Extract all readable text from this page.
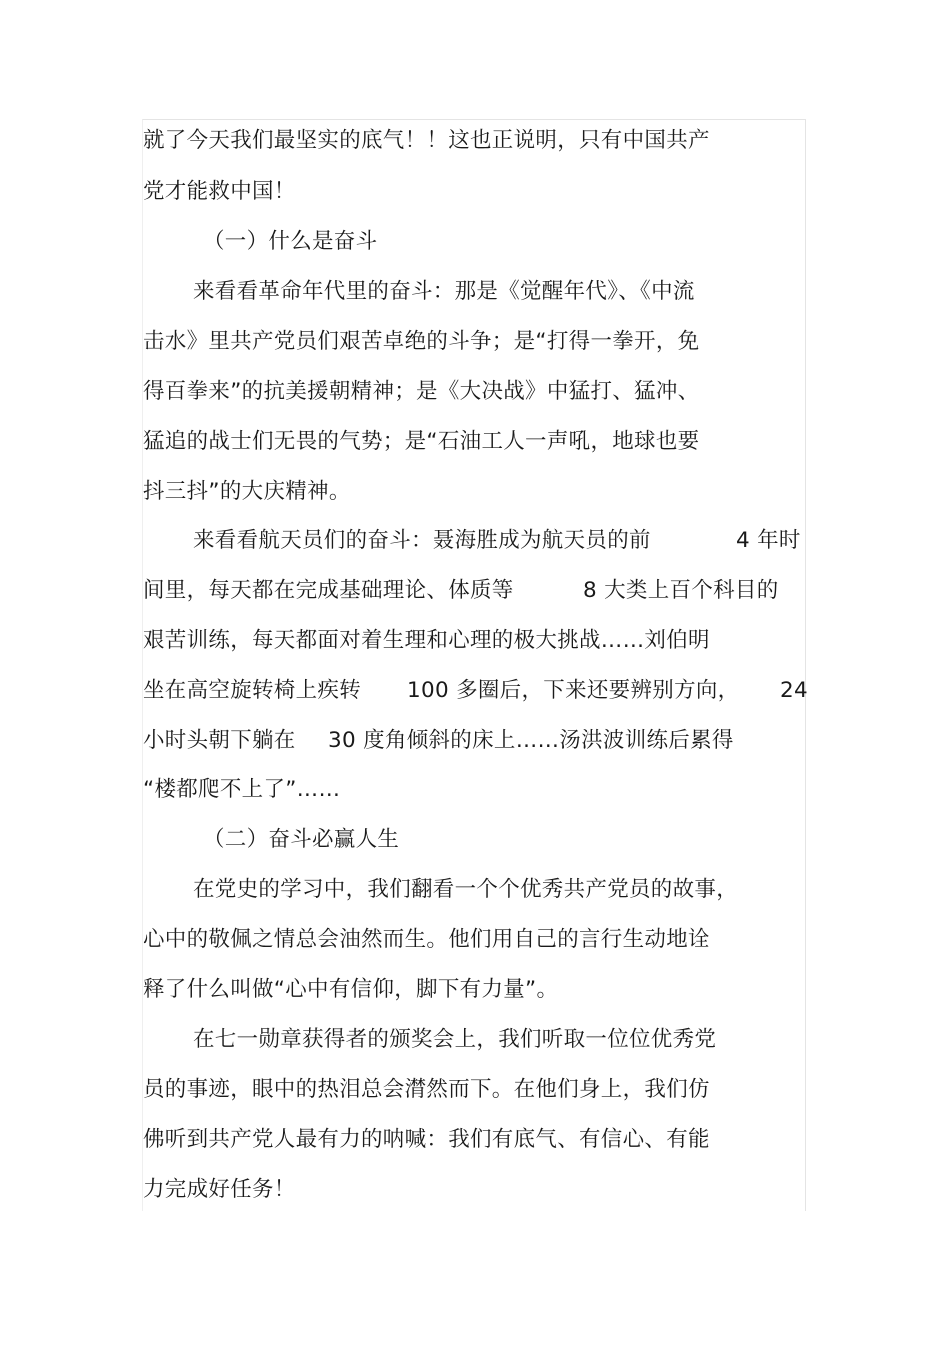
就了今天我们最坚实的底气！！这也正说明，只有中国共产
党才能救中国！
（一）什么是奋斗
来看看革命年代里的奋斗：那是《觉醒年代》、《中流
击水》里共产党员们艰苦卓绝的斗争；是“打得一拳开，免
得百拳来”的抗美援朝精神；是《大决战》中猛打、猛冲、
猛追的战士们无畏的气势；是“石油工人一声吼，地球也要
抖三抖”的大庆精神。
来看看航天员们的奋斗：聂海胜成为航天员的前	4 年时
间里，每天都在完成基础理论、体质等	8 大类上百个科目的
艰苦训练，每天都面对着生理和心理的极大挑战……刘伯明
坐在高空旋转椅上疾转 100 多圈后，下来还要辨别方向， 24
小时头朝下躺在 30 度角倾斜的床上……汤洪波训练后累得
“楼都爬不上了”……
（二）奋斗必赢人生
在党史的学习中，我们翻看一个个优秀共产党员的故事，
心中的敬佩之情总会油然而生。他们用自己的言行生动地诠
释了什么叫做“心中有信仰，脚下有力量”。
在七一勋章获得者的颁奖会上，我们听取一位位优秀党
员的事迹，眼中的热泪总会潸然而下。在他们身上，我们仿
佛听到共产党人最有力的呐喊：我们有底气、有信心、有能
力完成好任务！
